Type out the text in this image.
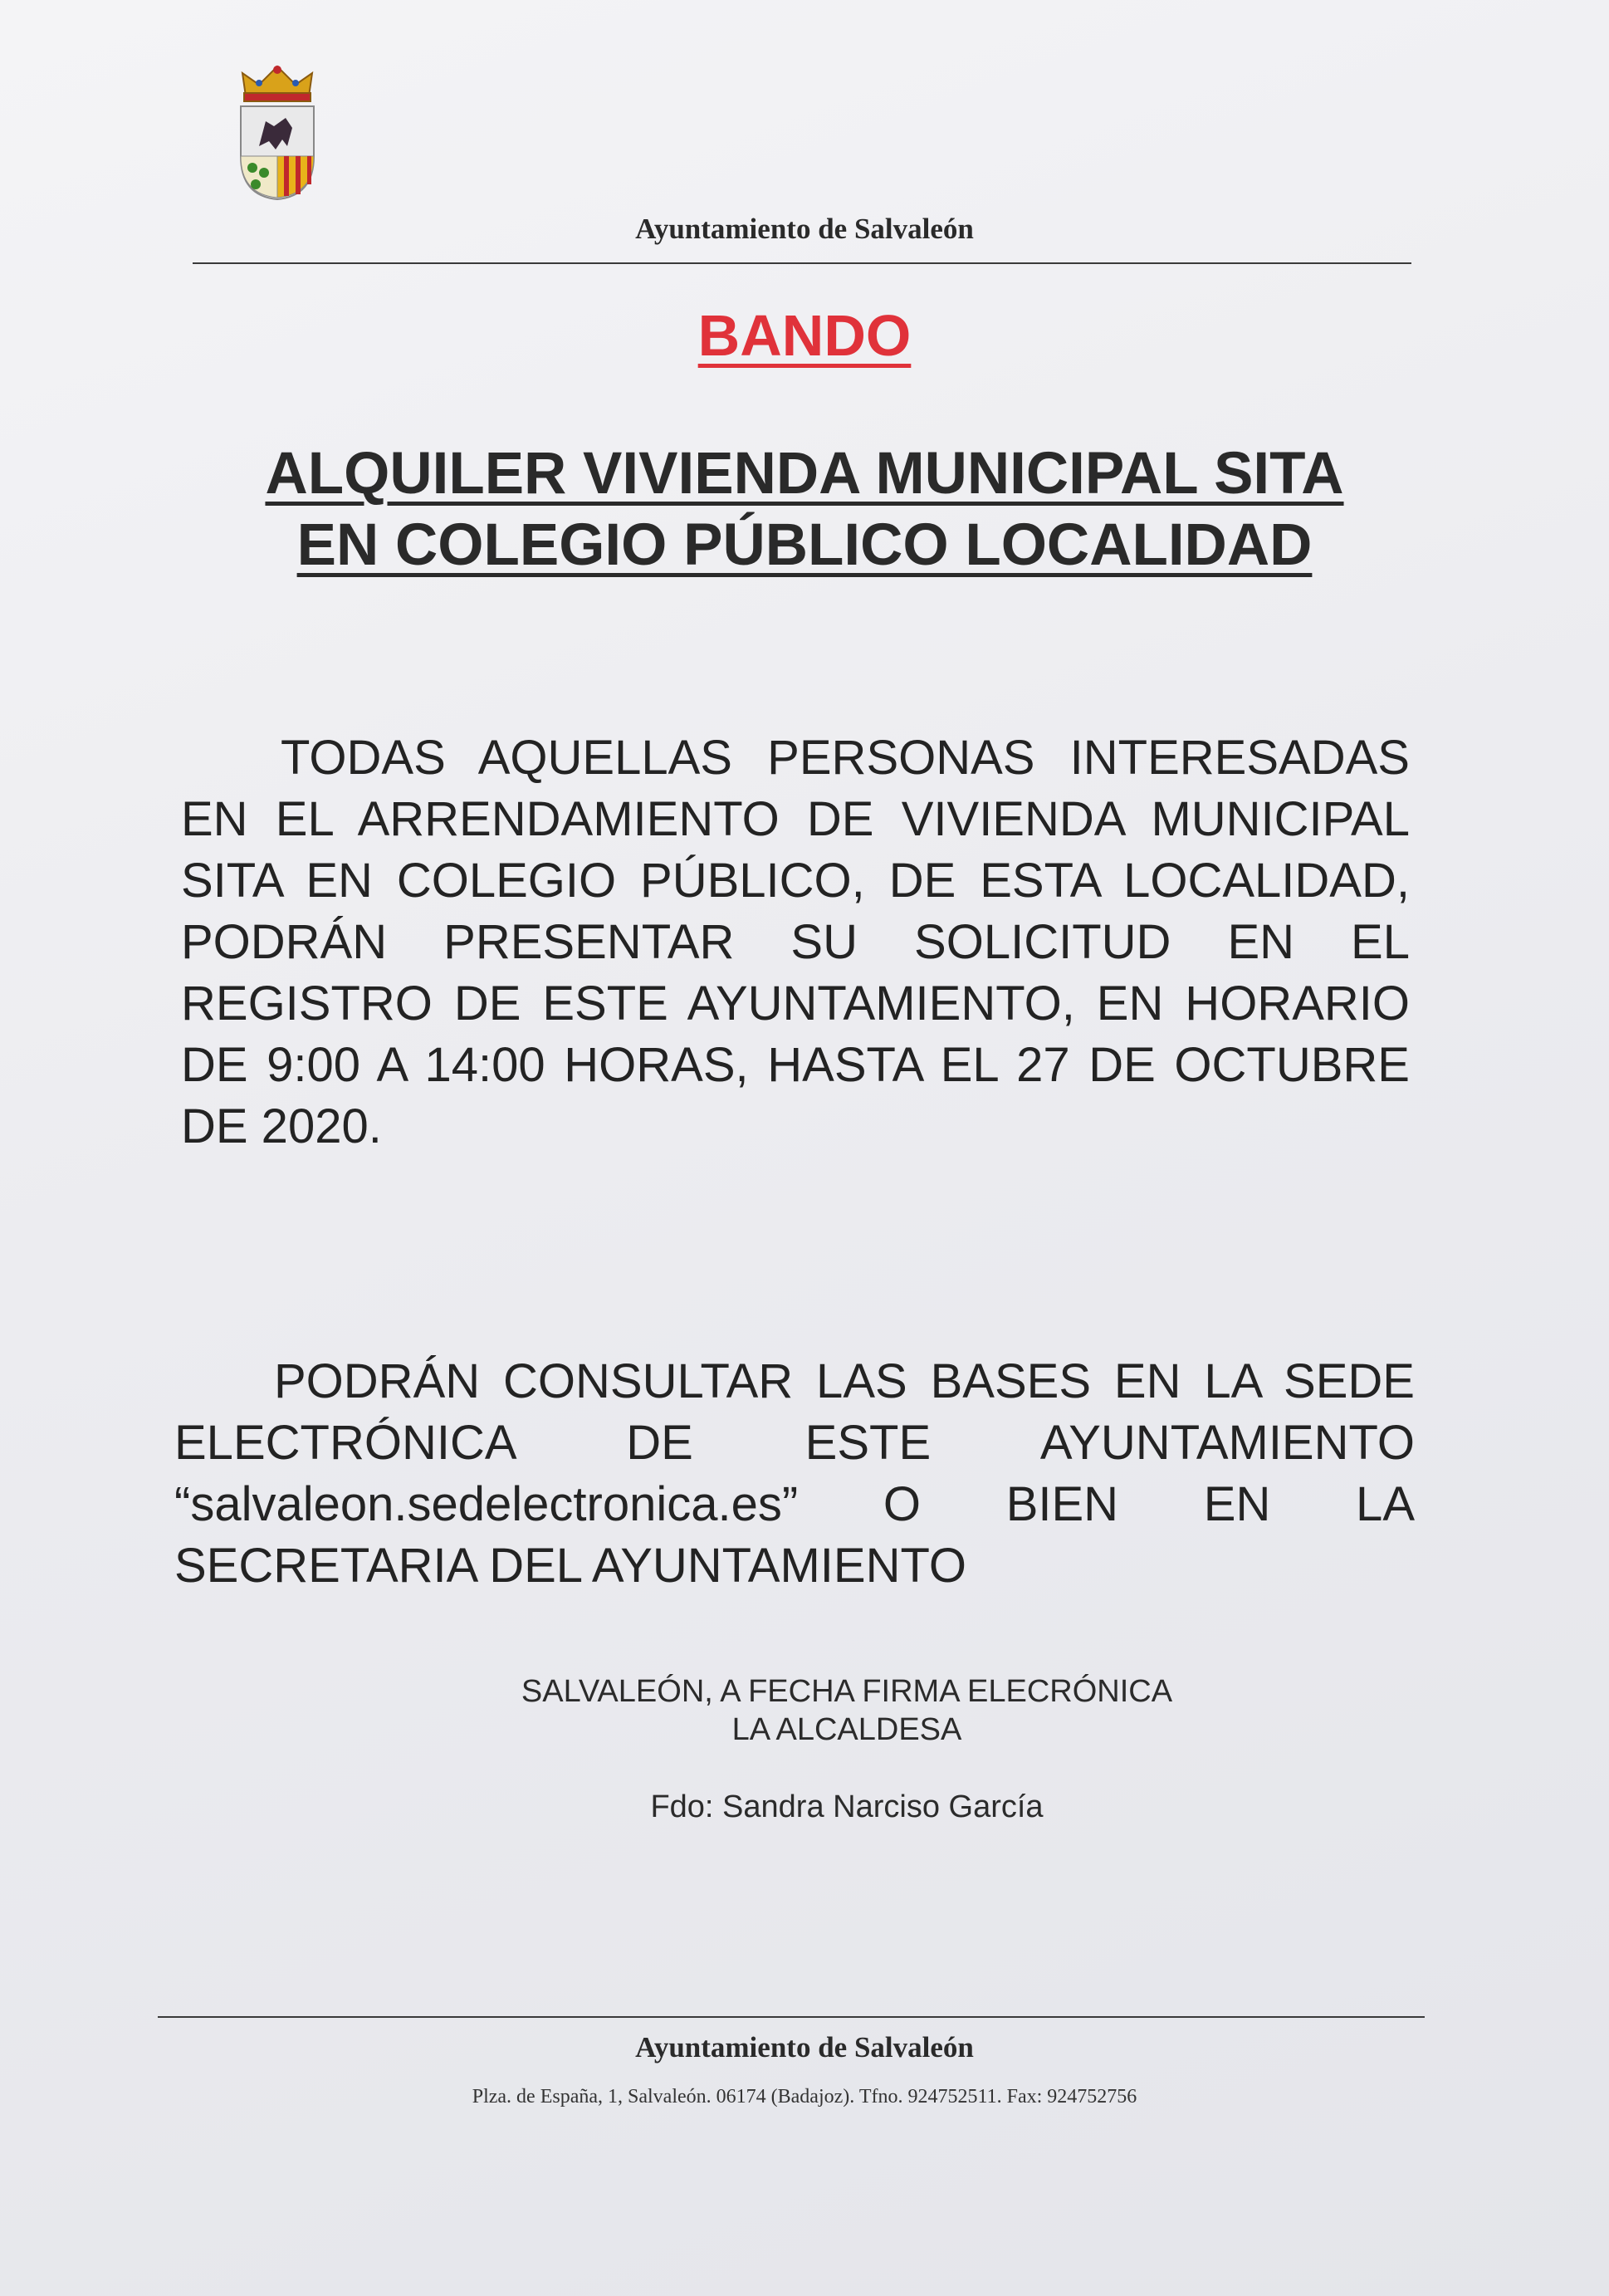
Ayuntamiento de Salvaleón
BANDO
ALQUILER VIVIENDA MUNICIPAL SITA
EN COLEGIO PÚBLICO LOCALIDAD
TODAS AQUELLAS PERSONAS INTERESADAS EN EL ARRENDAMIENTO DE VIVIENDA MUNICIPAL SITA EN COLEGIO PÚBLICO, DE ESTA LOCALIDAD, PODRÁN PRESENTAR SU SOLICITUD EN EL REGISTRO DE ESTE AYUNTAMIENTO, EN HORARIO DE 9:00 A 14:00 HORAS, HASTA EL 27 DE OCTUBRE DE 2020.
PODRÁN CONSULTAR LAS BASES EN LA SEDE ELECTRÓNICA DE ESTE AYUNTAMIENTO “salvaleon.sedelectronica.es” O BIEN EN LA SECRETARIA DEL AYUNTAMIENTO
SALVALEÓN, A FECHA FIRMA ELECRÓNICA
LA ALCALDESA
Fdo: Sandra Narciso García
Ayuntamiento de Salvaleón
Plza. de España, 1, Salvaleón. 06174 (Badajoz). Tfno. 924752511. Fax: 924752756
